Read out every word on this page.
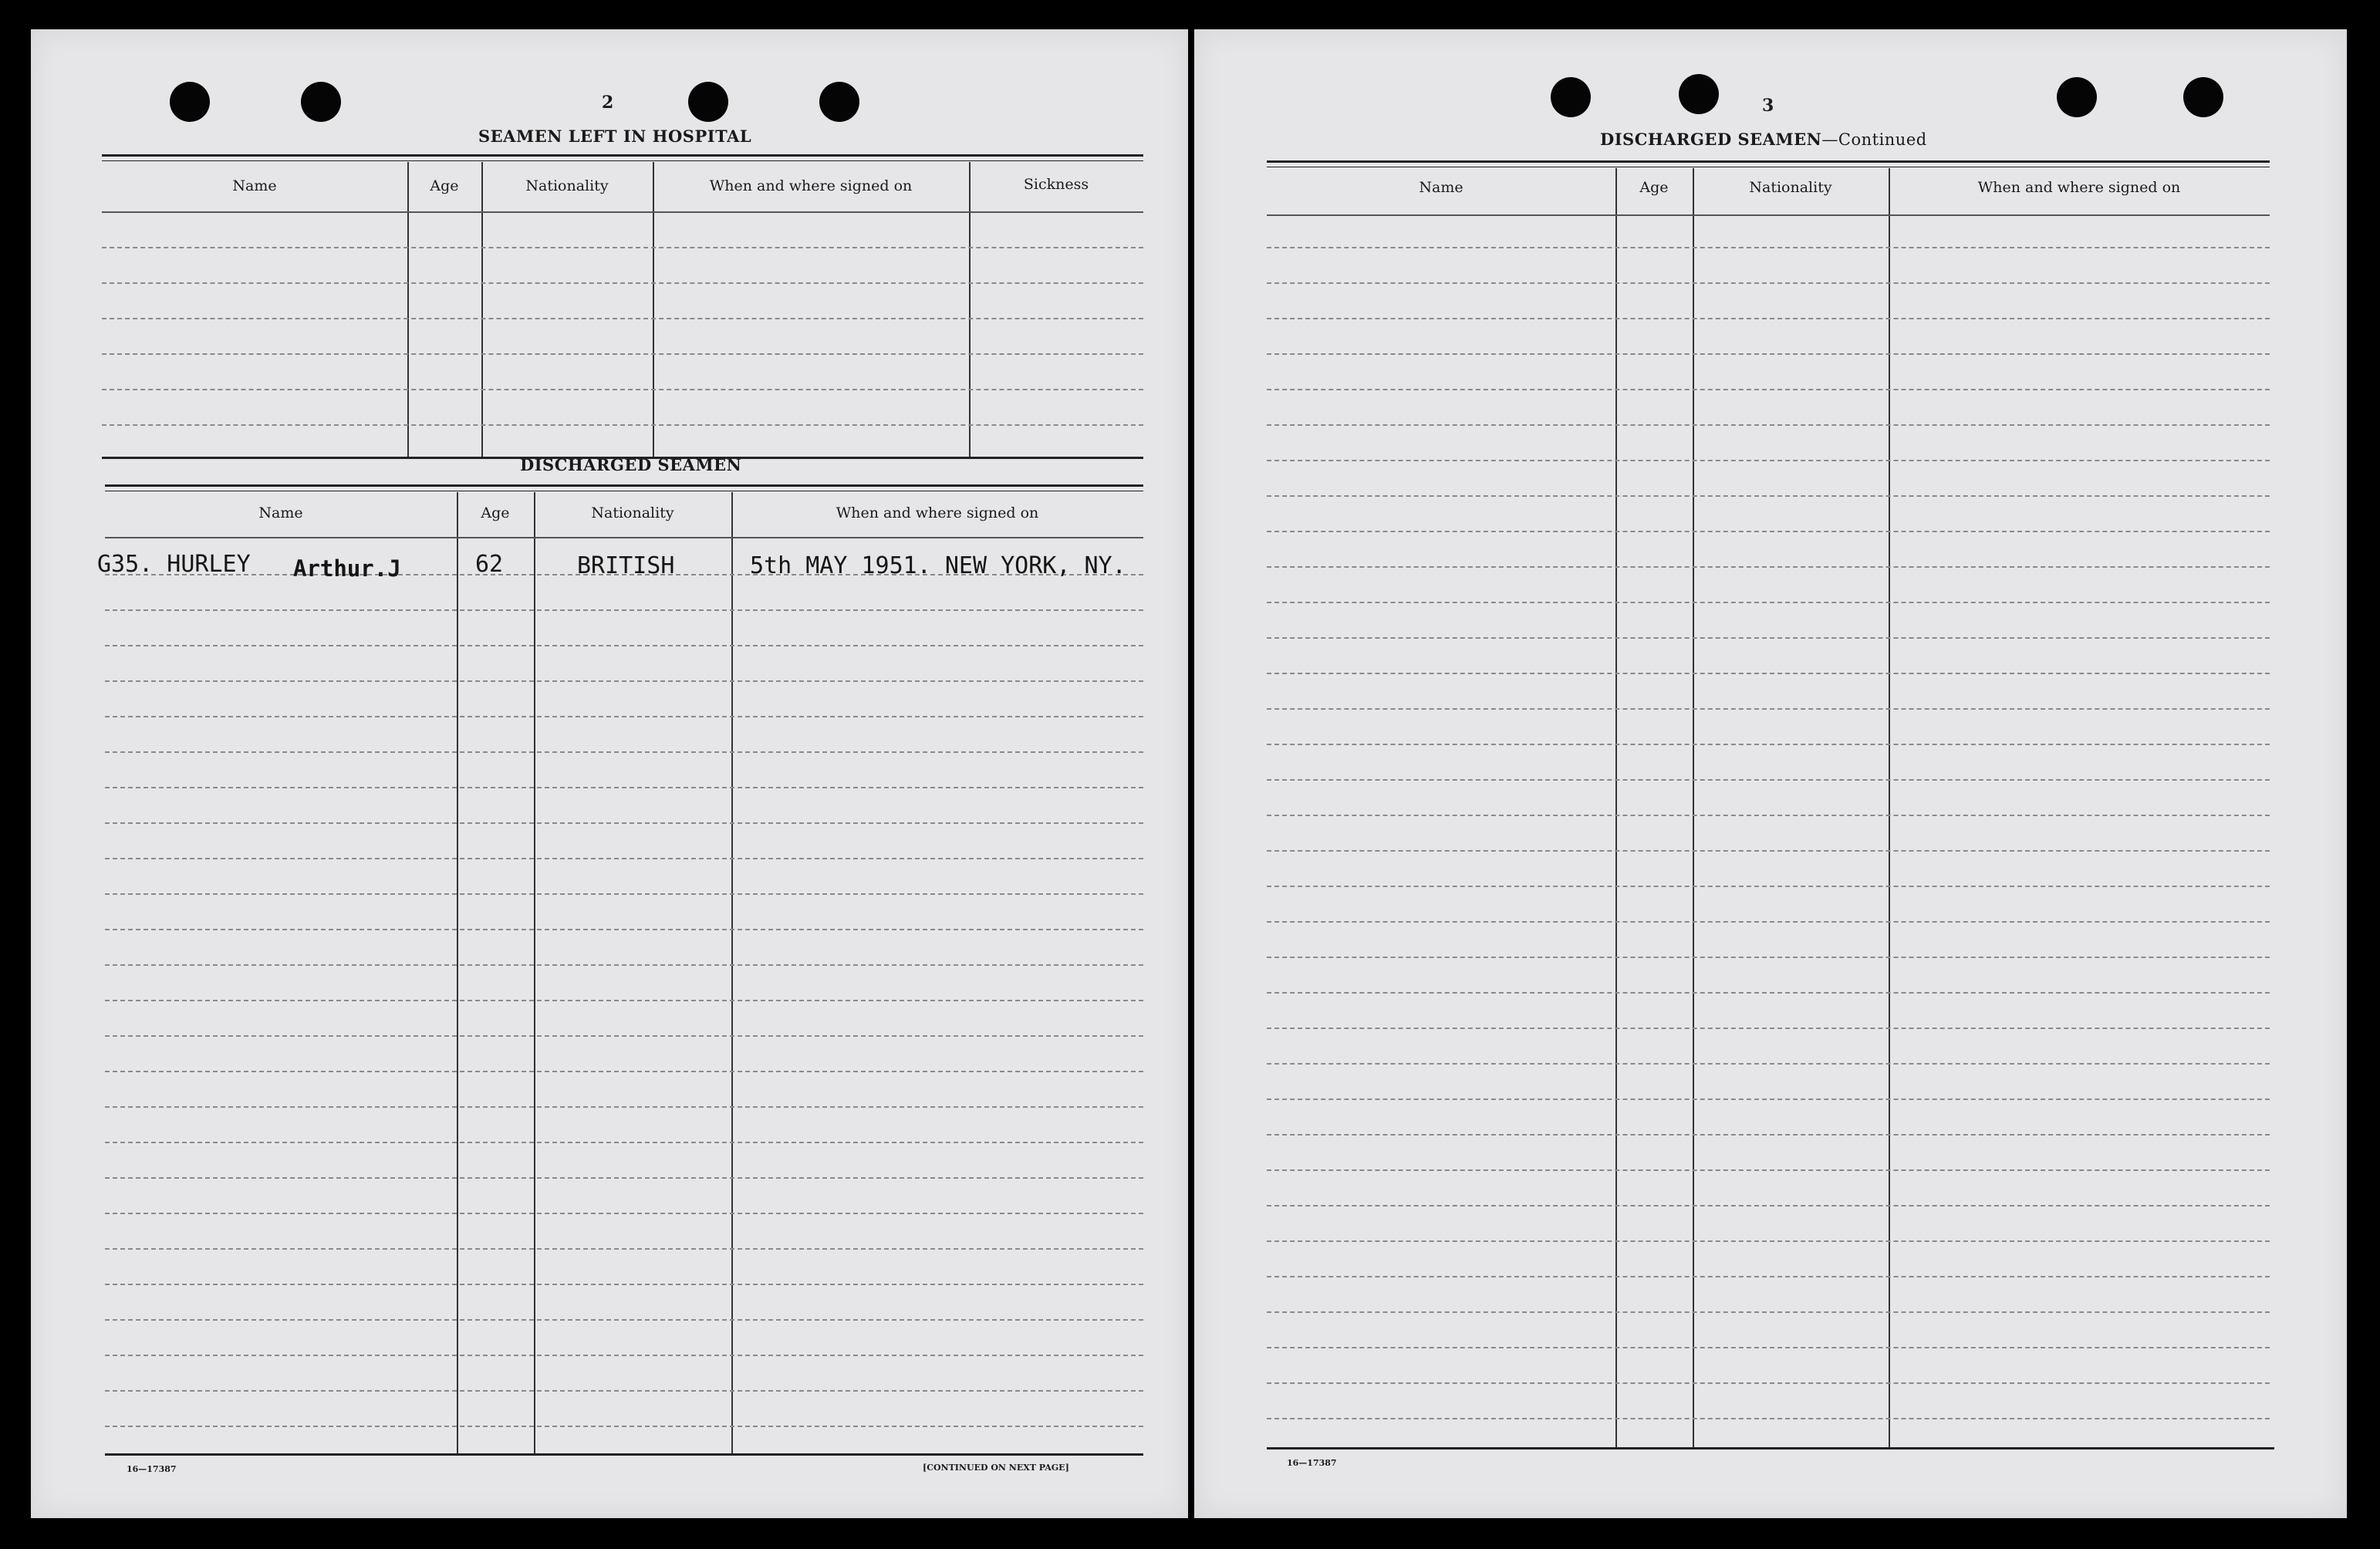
2
SEAMEN LEFT IN HOSPITAL
Name	Age	Nationality	When and where signed on	Sickness
DISCHARGED SEAMEN
Name	Age	Nationality	When and where signed on
G35. HURLEY Arthur.J	62	BRITISH	5th MAY 1951. NEW YORK, NY.
16—17387	[CONTINUED ON NEXT PAGE]
3
DISCHARGED SEAMEN—Continued
Name	Age	Nationality	When and where signed on
16—17387
